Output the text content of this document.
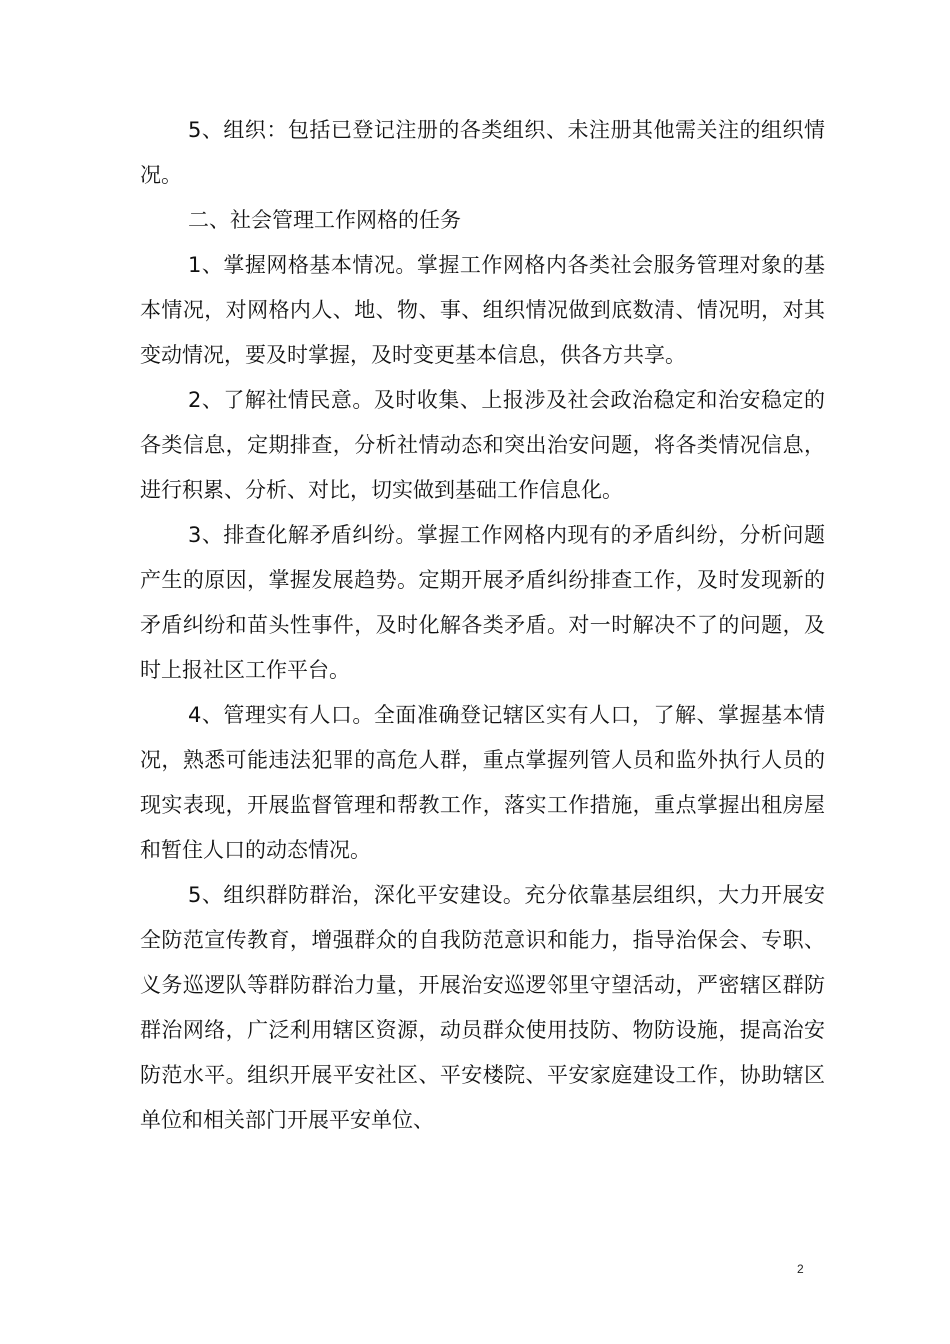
5、组织：包括已登记注册的各类组织、未注册其他需关注的组织情况。

二、社会管理工作网格的任务

1、掌握网格基本情况。掌握工作网格内各类社会服务管理对象的基本情况，对网格内人、地、物、事、组织情况做到底数清、情况明，对其变动情况，要及时掌握，及时变更基本信息，供各方共享。

2、了解社情民意。及时收集、上报涉及社会政治稳定和治安稳定的各类信息，定期排查，分析社情动态和突出治安问题，将各类情况信息，进行积累、分析、对比，切实做到基础工作信息化。

3、排查化解矛盾纠纷。掌握工作网格内现有的矛盾纠纷，分析问题产生的原因，掌握发展趋势。定期开展矛盾纠纷排查工作，及时发现新的矛盾纠纷和苗头性事件，及时化解各类矛盾。对一时解决不了的问题，及时上报社区工作平台。

4、管理实有人口。全面准确登记辖区实有人口，了解、掌握基本情况，熟悉可能违法犯罪的高危人群，重点掌握列管人员和监外执行人员的现实表现，开展监督管理和帮教工作，落实工作措施，重点掌握出租房屋和暂住人口的动态情况。

5、组织群防群治，深化平安建设。充分依靠基层组织，大力开展安全防范宣传教育，增强群众的自我防范意识和能力，指导治保会、专职、义务巡逻队等群防群治力量，开展治安巡逻邻里守望活动，严密辖区群防群治网络，广泛利用辖区资源，动员群众使用技防、物防设施，提高治安防范水平。组织开展平安社区、平安楼院、平安家庭建设工作，协助辖区单位和相关部门开展平安单位、

2
